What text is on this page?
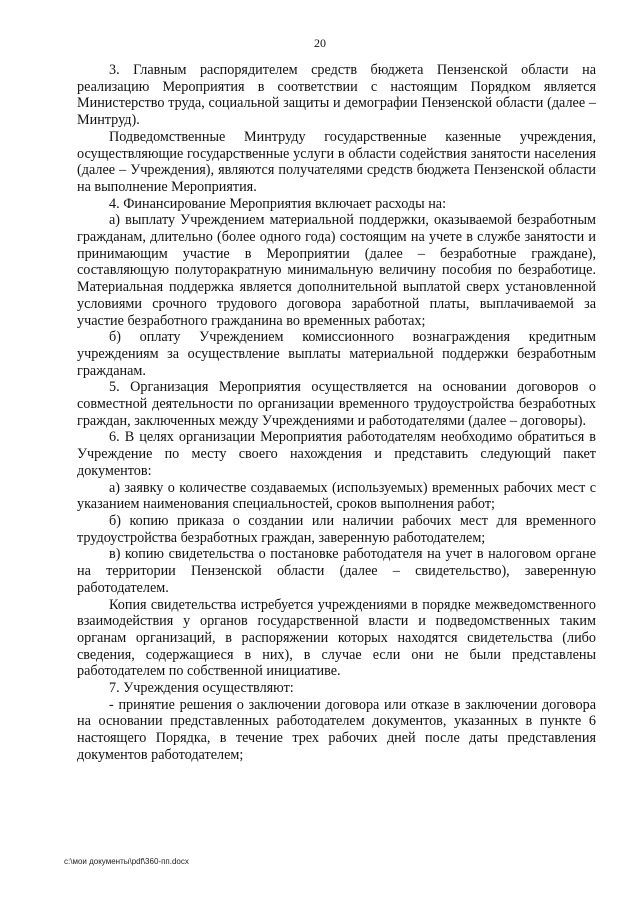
20

3. Главным распорядителем средств бюджета Пензенской области на реализацию Мероприятия в соответствии с настоящим Порядком является Министерство труда, социальной защиты и демографии Пензенской области (далее – Минтруд).

Подведомственные Минтруду государственные казенные учреждения, осуществляющие государственные услуги в области содействия занятости населения (далее – Учреждения), являются получателями средств бюджета Пензенской области на выполнение Мероприятия.

4. Финансирование Мероприятия включает расходы на:

а) выплату Учреждением материальной поддержки, оказываемой безработным гражданам, длительно (более одного года) состоящим на учете в службе занятости и принимающим участие в Мероприятии (далее – безработные граждане), составляющую полуторакратную минимальную величину пособия по безработице. Материальная поддержка является дополнительной выплатой сверх установленной условиями срочного трудового договора заработной платы, выплачиваемой за участие безработного гражданина во временных работах;

б) оплату Учреждением комиссионного вознаграждения кредитным учреждениям за осуществление выплаты материальной поддержки безработным гражданам.

5. Организация Мероприятия осуществляется на основании договоров о совместной деятельности по организации временного трудоустройства безработных граждан, заключенных между Учреждениями и работодателями (далее – договоры).

6. В целях организации Мероприятия работодателям необходимо обратиться в Учреждение по месту своего нахождения и представить следующий пакет документов:

а) заявку о количестве создаваемых (используемых) временных рабочих мест с указанием наименования специальностей, сроков выполнения работ;

б) копию приказа о создании или наличии рабочих мест для временного трудоустройства безработных граждан, заверенную работодателем;

в) копию свидетельства о постановке работодателя на учет в налоговом органе на территории Пензенской области (далее – свидетельство), заверенную работодателем.

Копия свидетельства истребуется учреждениями в порядке межведомственного взаимодействия у органов государственной власти и подведомственных таким органам организаций, в распоряжении которых находятся свидетельства (либо сведения, содержащиеся в них), в случае если они не были представлены работодателем по собственной инициативе.

7. Учреждения осуществляют:

- принятие решения о заключении договора или отказе в заключении договора на основании представленных работодателем документов, указанных в пункте 6 настоящего Порядка, в течение трех рабочих дней после даты представления документов работодателем;

c:\мои документы\pdf\360-пп.docx
